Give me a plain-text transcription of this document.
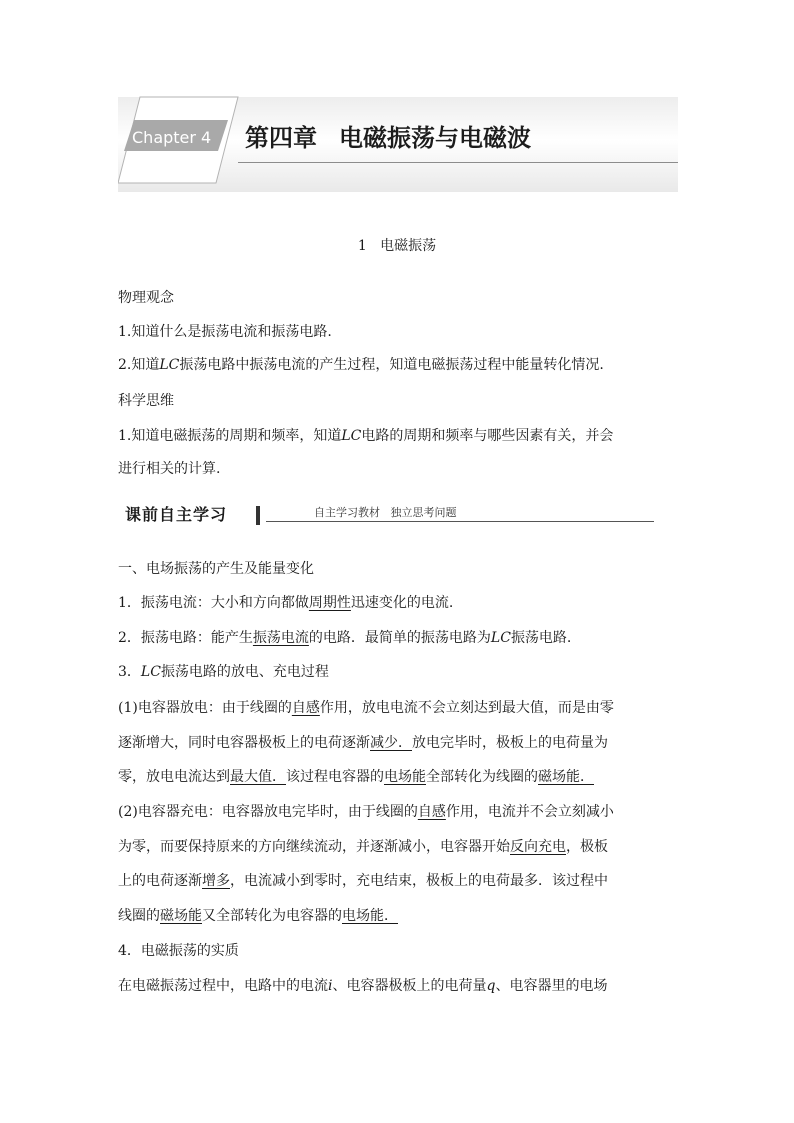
Chapter 4	第四章 电磁振荡与电磁波
1   电磁振荡
物理观念
1.知道什么是振荡电流和振荡电路.
2.知道LC振荡电路中振荡电流的产生过程，知道电磁振荡过程中能量转化情况.
科学思维
1.知道电磁振荡的周期和频率，知道LC电路的周期和频率与哪些因素有关，并会
进行相关的计算.
课前自主学习	自主学习教材   独立思考问题
一、电场振荡的产生及能量变化
1．振荡电流：大小和方向都做周期性迅速变化的电流.
2．振荡电路：能产生振荡电流的电路．最简单的振荡电路为LC振荡电路.
3．LC振荡电路的放电、充电过程
(1)电容器放电：由于线圈的自感作用，放电电流不会立刻达到最大值，而是由零
逐渐增大，同时电容器极板上的电荷逐渐减少．放电完毕时，极板上的电荷量为
零，放电电流达到最大值．该过程电容器的电场能全部转化为线圈的磁场能．
(2)电容器充电：电容器放电完毕时，由于线圈的自感作用，电流并不会立刻减小
为零，而要保持原来的方向继续流动，并逐渐减小，电容器开始反向充电，极板
上的电荷逐渐增多，电流减小到零时，充电结束，极板上的电荷最多．该过程中
线圈的磁场能又全部转化为电容器的电场能．
4．电磁振荡的实质
在电磁振荡过程中，电路中的电流i、电容器极板上的电荷量q、电容器里的电场
